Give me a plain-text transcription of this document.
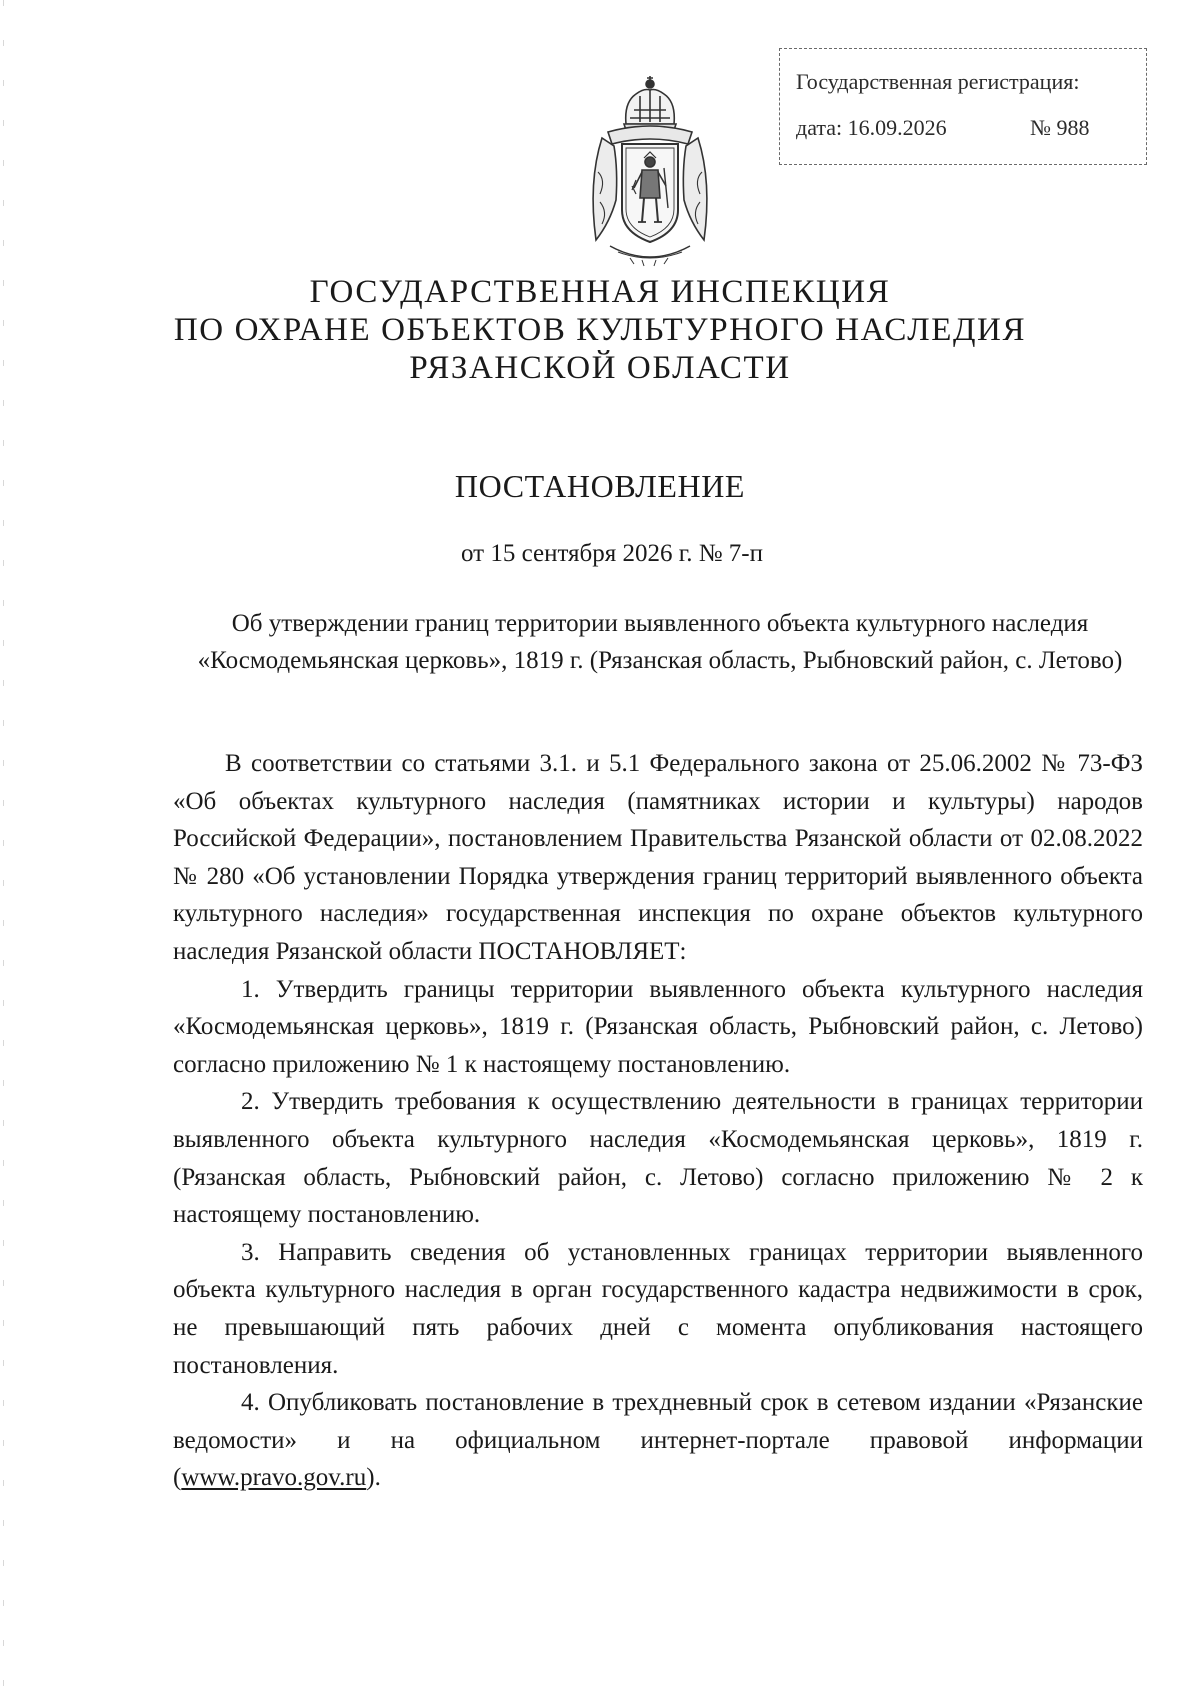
Государственная регистрация:
дата: 16.09.2026	№ 988
ГОСУДАРСТВЕННАЯ ИНСПЕКЦИЯ
ПО ОХРАНЕ ОБЪЕКТОВ КУЛЬТУРНОГО НАСЛЕДИЯ
РЯЗАНСКОЙ ОБЛАСТИ
ПОСТАНОВЛЕНИЕ
от 15 сентября 2026 г. № 7-п
Об утверждении границ территории выявленного объекта культурного наследия «Космодемьянская церковь», 1819 г. (Рязанская область, Рыбновский район, с. Летово)

В соответствии со статьями 3.1. и 5.1 Федерального закона от 25.06.2002 № 73-ФЗ «Об объектах культурного наследия (памятниках истории и культуры) народов Российской Федерации», постановлением Правительства Рязанской области от 02.08.2022 № 280 «Об установлении Порядка утверждения границ территорий выявленного объекта культурного наследия» государственная инспекция по охране объектов культурного наследия Рязанской области ПОСТАНОВЛЯЕТ:

1. Утвердить границы территории выявленного объекта культурного наследия «Космодемьянская церковь», 1819 г. (Рязанская область, Рыбновский район, с. Летово) согласно приложению № 1 к настоящему постановлению.

2. Утвердить требования к осуществлению деятельности в границах территории выявленного объекта культурного наследия «Космодемьянская церковь», 1819 г. (Рязанская область, Рыбновский район, с. Летово) согласно приложению № 2 к настоящему постановлению.

3. Направить сведения об установленных границах территории выявленного объекта культурного наследия в орган государственного кадастра недвижимости в срок, не превышающий пять рабочих дней с момента опубликования настоящего постановления.

4. Опубликовать постановление в трехдневный срок в сетевом издании «Рязанские ведомости» и на официальном интернет-портале правовой информации (www.pravo.gov.ru).
